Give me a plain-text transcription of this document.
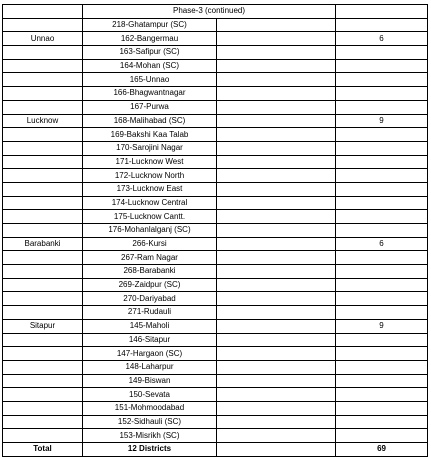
	Phase-3 (continued)		
	218-Ghatampur (SC)		
Unnao	162-Bangermau		6
	163-Safipur (SC)		
	164-Mohan (SC)		
	165-Unnao		
	166-Bhagwantnagar		
	167-Purwa		
Lucknow	168-Malihabad (SC)		9
	169-Bakshi Kaa Talab		
	170-Sarojini Nagar		
	171-Lucknow West		
	172-Lucknow North		
	173-Lucknow East		
	174-Lucknow Central		
	175-Lucknow Cantt.		
	176-Mohanlalganj (SC)		
Barabanki	266-Kursi		6
	267-Ram Nagar		
	268-Barabanki		
	269-Zaidpur (SC)		
	270-Dariyabad		
	271-Rudauli		
Sitapur	145-Maholi		9
	146-Sitapur		
	147-Hargaon (SC)		
	148-Laharpur		
	149-Biswan		
	150-Sevata		
	151-Mohmoodabad		
	152-Sidhauli (SC)		
	153-Misrikh (SC)		
Total	12 Districts		69
